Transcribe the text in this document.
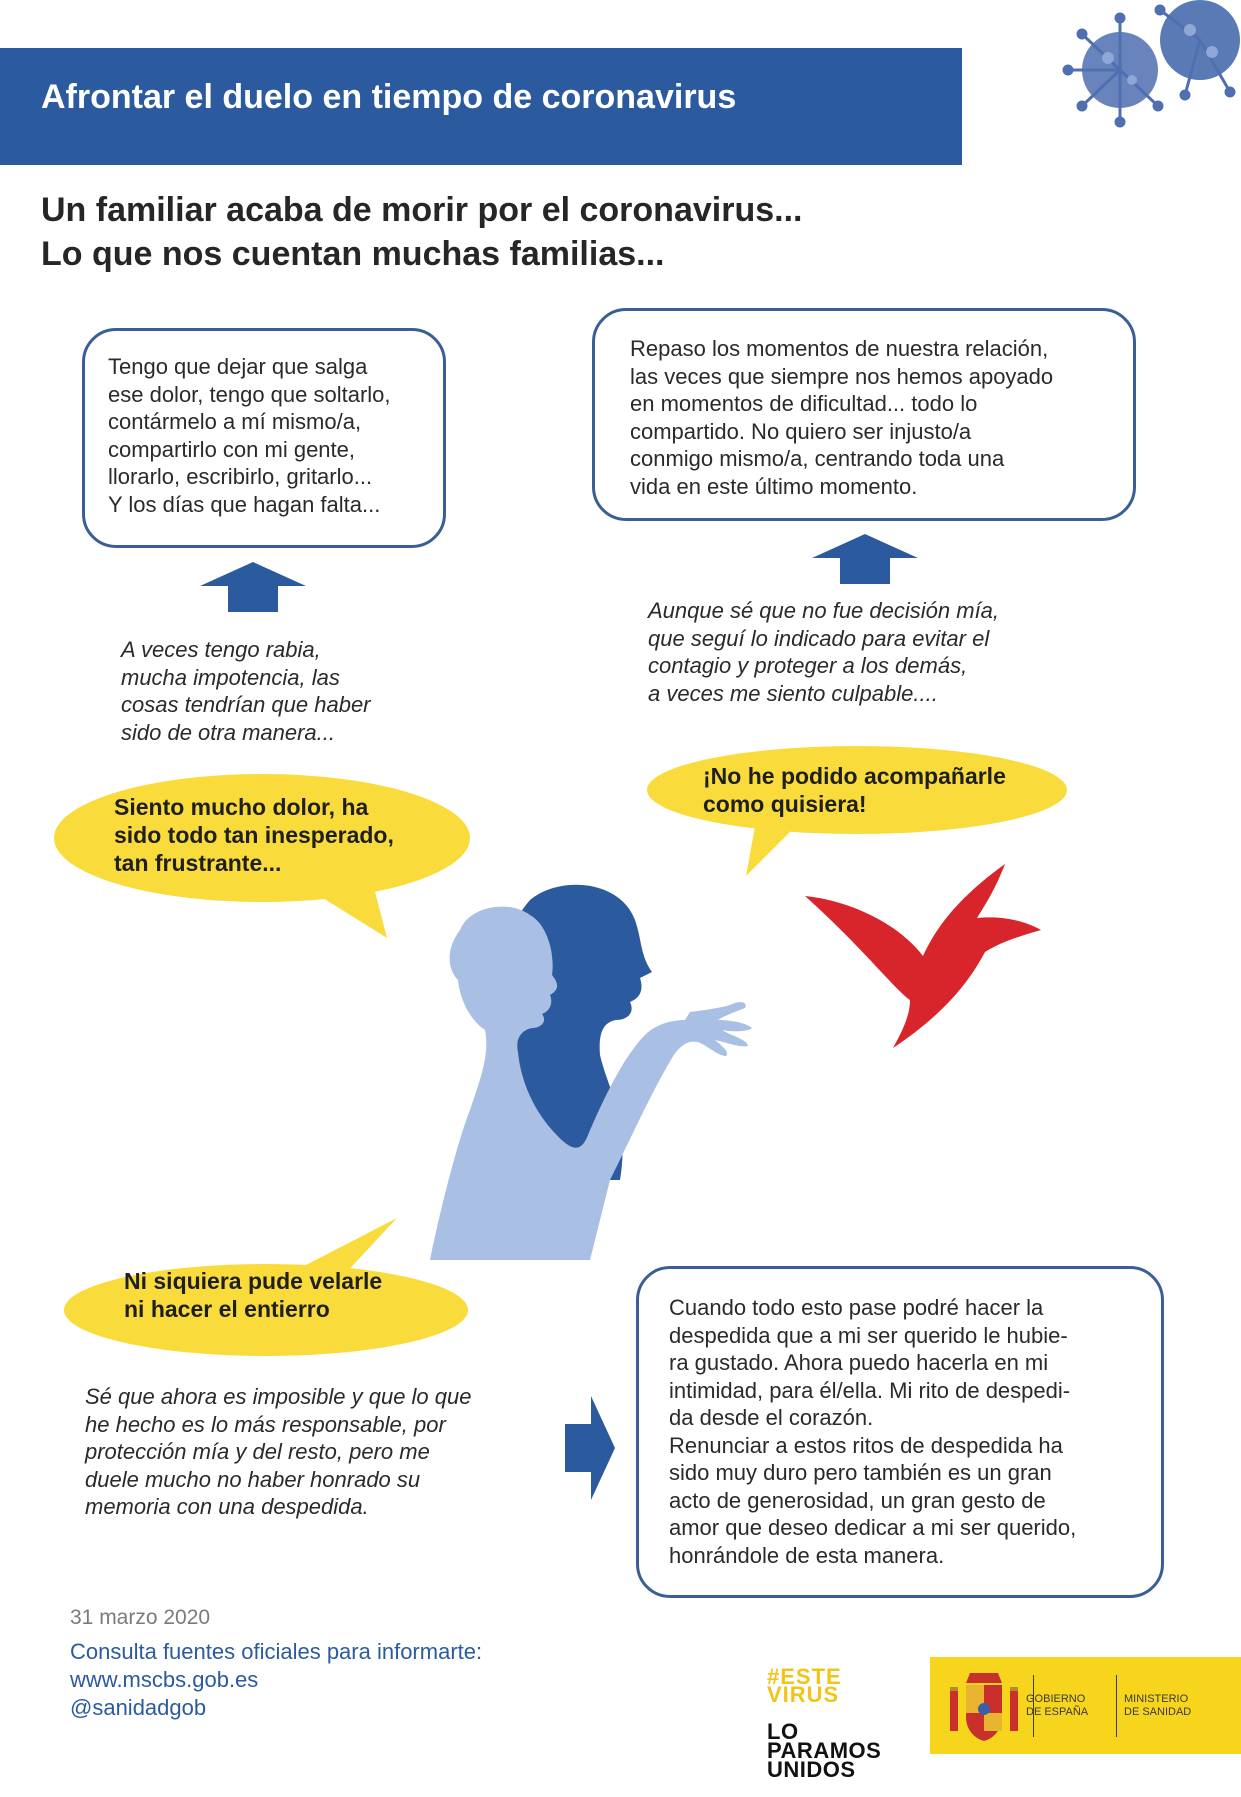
Afrontar el duelo en tiempo de coronavirus
Un familiar acaba de morir por el coronavirus...
Lo que nos cuentan muchas familias...
Tengo que dejar que salga
ese dolor, tengo que soltarlo,
contármelo a mí mismo/a,
compartirlo con mi gente,
llorarlo, escribirlo, gritarlo...
Y los días que hagan falta...
Repaso los momentos de nuestra relación,
las veces que siempre nos hemos apoyado
en momentos de dificultad... todo lo
compartido. No quiero ser injusto/a
conmigo mismo/a, centrando toda una
vida en este último momento.
A veces tengo rabia,
mucha impotencia, las
cosas tendrían que haber
sido de otra manera...
Aunque sé que no fue decisión mía,
que seguí lo indicado para evitar el
contagio y proteger a los demás,
a veces me siento culpable....
¡No he podido acompañarle
como quisiera!
Siento mucho dolor, ha
sido todo tan inesperado,
tan frustrante...
Ni siquiera pude velarle
ni hacer el entierro
Sé que ahora es imposible y que lo que
he hecho es lo más responsable, por
protección mía y del resto, pero me
duele mucho no haber honrado su
memoria con una despedida.
Cuando todo esto pase podré hacer la
despedida que a mi ser querido le hubie-
ra gustado. Ahora puedo hacerla en mi
intimidad, para él/ella. Mi rito de despedi-
da desde el corazón.
Renunciar a estos ritos de despedida ha
sido muy duro pero también es un gran
acto de generosidad, un gran gesto de
amor que deseo dedicar a mi ser querido,
honrándole de esta manera.
31 marzo 2020
Consulta fuentes oficiales para informarte:
www.mscbs.gob.es
@sanidadgob

#ESTE
VIRUS

LO
PARAMOS
UNIDOS

GOBIERNO
DE ESPAÑA
MINISTERIO
DE SANIDAD
